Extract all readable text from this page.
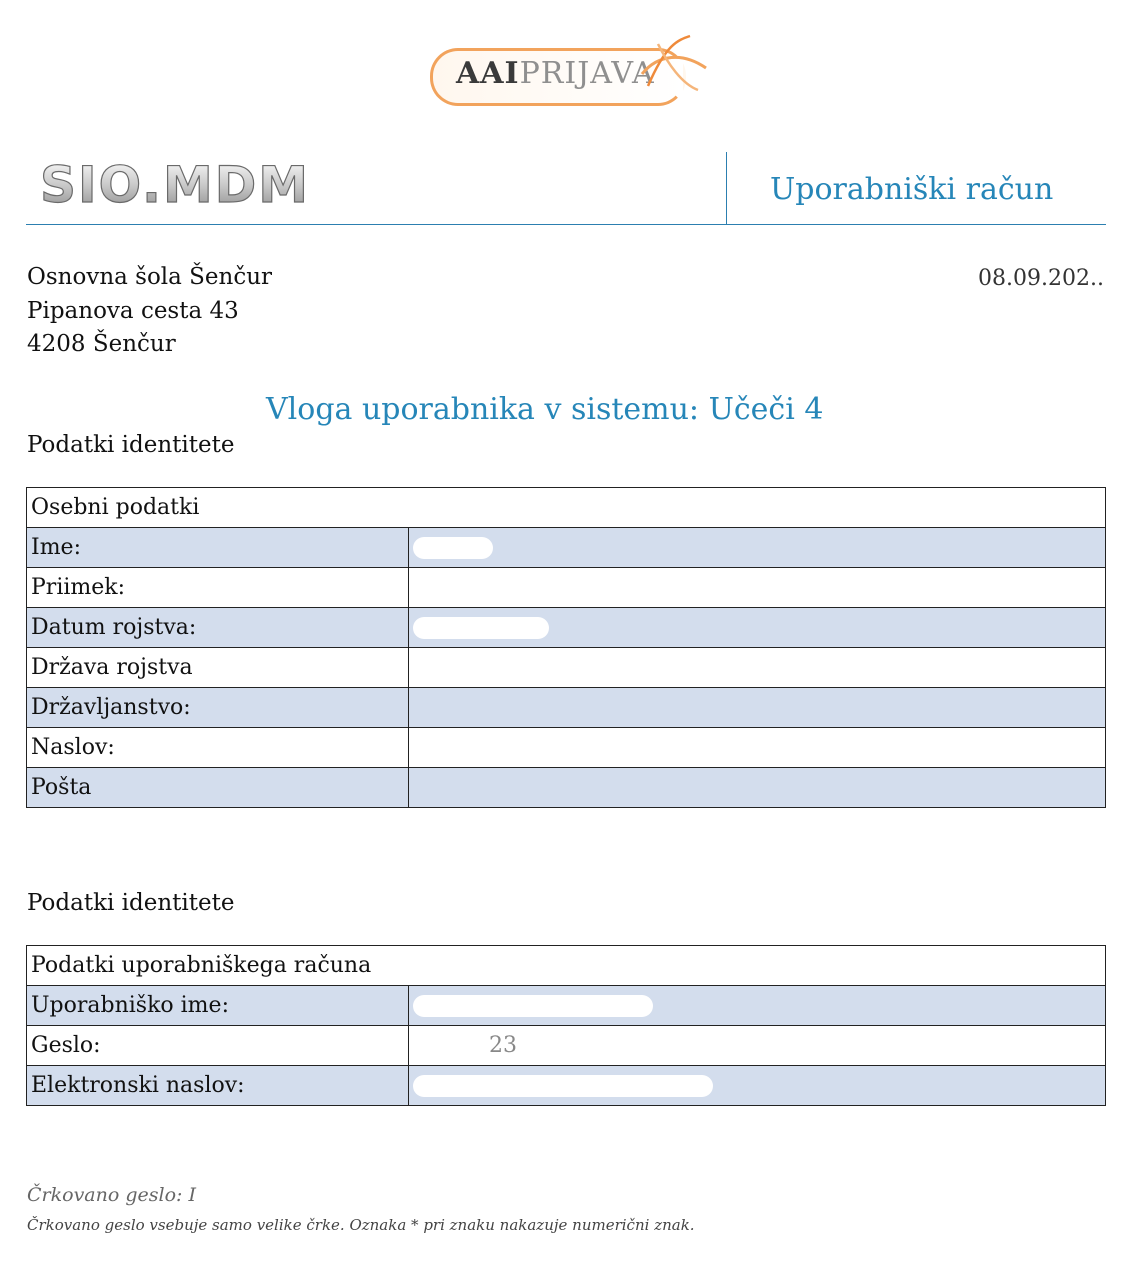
AAIPRIJAVA
SIO.MDM	Uporabniški račun
Osnovna šola Šenčur
Pipanova cesta 43
4208 Šenčur
08.09.202..
Vloga uporabnika v sistemu: Učeči 4
Podatki identitete
Osebni podatki	
Ime:	
Priimek:	
Datum rojstva:	
Država rojstva	
Državljanstvo:	
Naslov:	
Pošta	
Podatki identitete
Podatki uporabniškega računa	
Uporabniško ime:	
Geslo:	23
Elektronski naslov:	
Črkovano geslo: I
Črkovano geslo vsebuje samo velike črke. Oznaka * pri znaku nakazuje numerični znak.
